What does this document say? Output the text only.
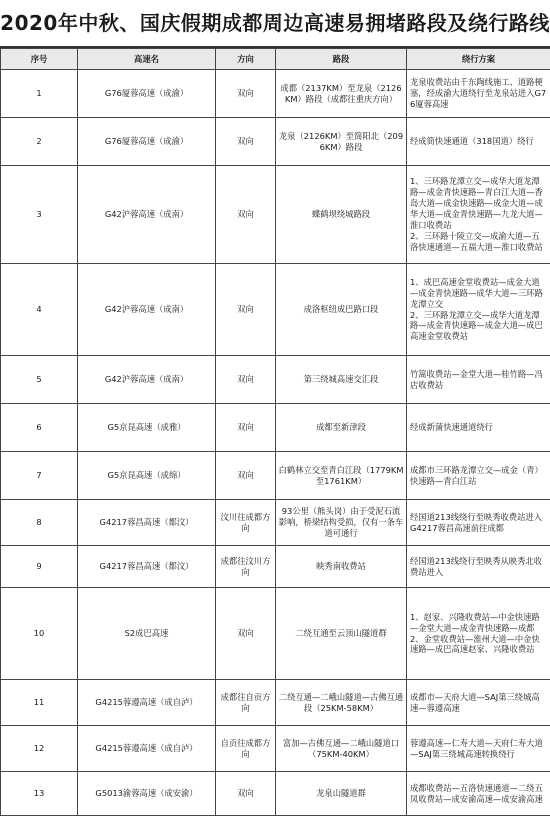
2020年中秋、国庆假期成都周边高速易拥堵路段及绕行路线
序号	高速名	方向	路段	绕行方案
1	G76厦蓉高速（成渝）	双向	成都（2137KM）至龙泉（2126KM）路段（成都往重庆方向）	龙泉收费站由千东陶线施工、道路梗塞，经成渝大道绕行至龙泉站进入G76厦蓉高速

2	G76厦蓉高速（成渝）	双向	龙泉（2126KM）至简阳北（2096KM）路段	经成简快速通道（318国道）绕行

3	G42沪蓉高速（成南）	双向	蝶鹤坝绕城路段	1、三环路龙潭立交—成华大道龙潭路—成金青快速路—青白江大道—香岛大道—成金快速路—成金大道—成华大道—成金青快速路—九龙大道—淮口收费站
2、三环路十陵立交—成渝大道—五洛快速通道—五福大道—淮口收费站

4	G42沪蓉高速（成南）	双向	成洛枢纽成巴路口段	1、成巴高速金堂收费站—成金大道—成金青快速路—成华大道—三环路龙潭立交
2、三环路龙潭立交—成华大道龙潭路—成金青快速路—成金大道—成巴高速金堂收费站

5	G42沪蓉高速（成南）	双向	第三绕城高速交汇段	竹篙收费站—金堂大道—桂竹路—冯店收费站

6	G5京昆高速（成雅）	双向	成都至新津段	经成新蒲快速通道绕行

7	G5京昆高速（成绵）	双向	白鹤林立交至青白江段（1779KM至1761KM）	成都市三环路龙潭立交—成金（青）快速路—青白江站

8	G4217蓉昌高速（都汶）	汶川往成都方向	93公里（熊头岗）由于受泥石流影响，桥梁结构受损，仅有一条车道可通行	经国道213线绕行至映秀收费站进入G4217蓉昌高速前往成都

9	G4217蓉昌高速（都汶）	成都往汶川方向	映秀南收费站	经国道213线绕行至映秀从映秀北收费站进入

10	S2成巴高速	双向	二绕互通至云顶山隧道群	1、赵家、兴隆收费站—中金快速路—金堂大道—成金青快速路—成都
2、金堂收费站—淮州大道—中金快速路—成巴高速赵家、兴隆收费站

11	G4215蓉遵高速（成自泸）	成都往自贡方向	二绕互通—二峨山隧道—古佛互通段（25KM-58KM）	成都市—天府大道—SAJ第三绕城高速—蓉遵高速

12	G4215蓉遵高速（成自泸）	自贡往成都方向	富加—古佛互通—二峨山隧道口（75KM-40KM）	蓉遵高速—仁寿大道—天府仁寿大道—SAJ第三绕城高速转换绕行

13	G5013渝蓉高速（成安渝）	双向	龙泉山隧道群	成都收费站—五洛快速通道—二绕五凤收费站—成安渝高速—成安渝高速
